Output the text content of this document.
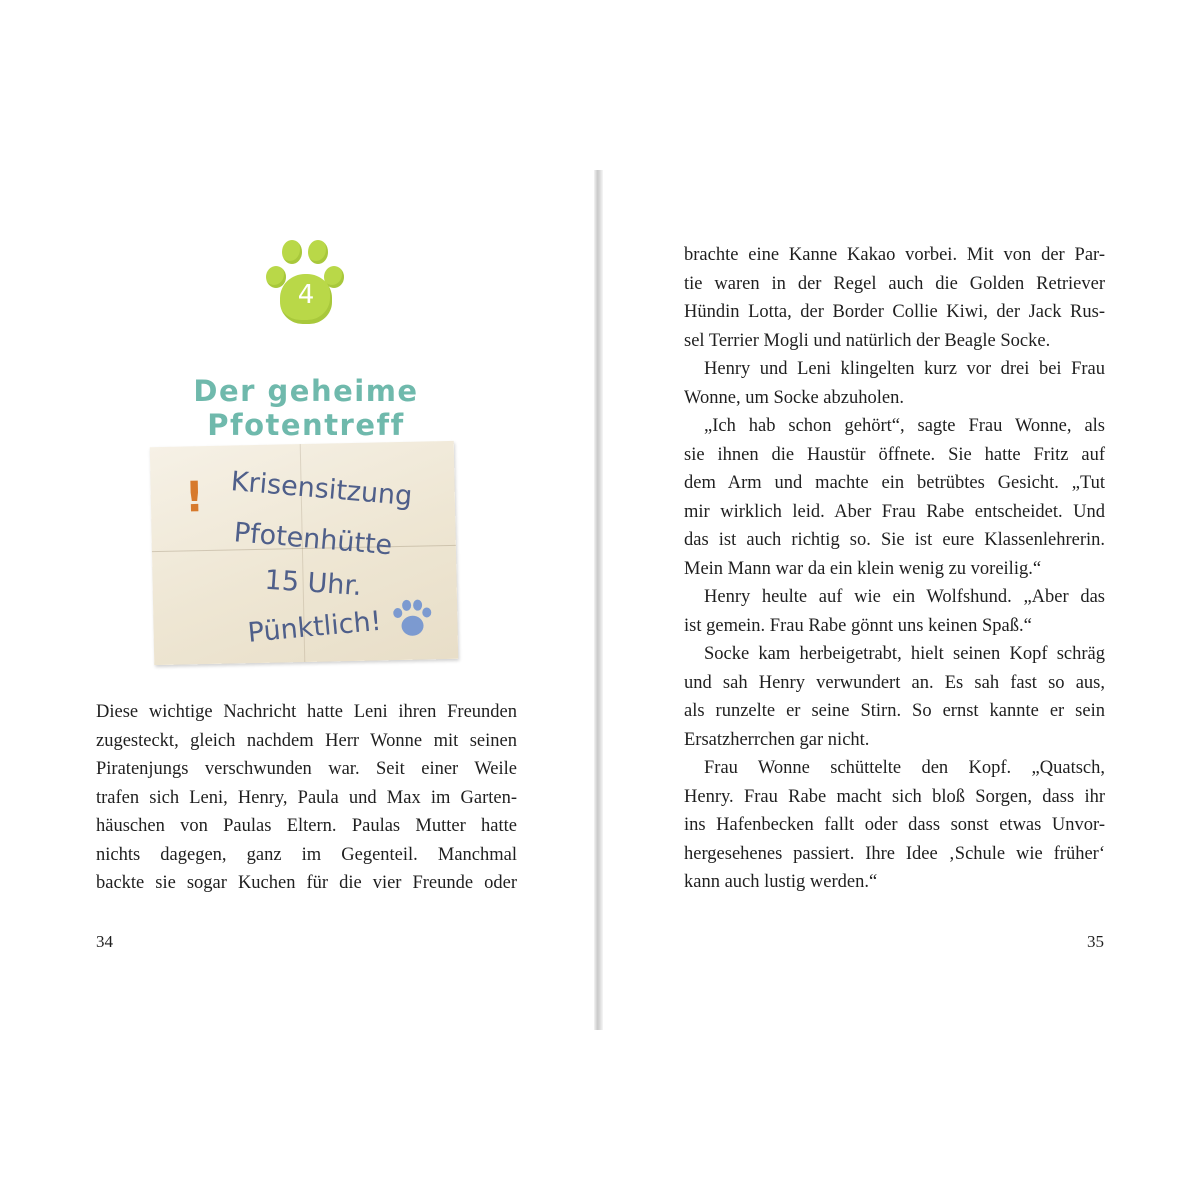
4
Der geheime Pfotentreff
! Krisensitzung
Pfotenhütte
15 Uhr.
Pünktlich!
Diese wichtige Nachricht hatte Leni ihren Freunden
zugesteckt, gleich nachdem Herr Wonne mit seinen
Piratenjungs verschwunden war. Seit einer Weile
trafen sich Leni, Henry, Paula und Max im Garten-
häuschen von Paulas Eltern. Paulas Mutter hatte
nichts dagegen, ganz im Gegenteil. Manchmal
backte sie sogar Kuchen für die vier Freunde oder
34
brachte eine Kanne Kakao vorbei. Mit von der Par-
tie waren in der Regel auch die Golden Retriever
Hündin Lotta, der Border Collie Kiwi, der Jack Rus-
sel Terrier Mogli und natürlich der Beagle Socke.
Henry und Leni klingelten kurz vor drei bei Frau
Wonne, um Socke abzuholen.
„Ich hab schon gehört“, sagte Frau Wonne, als
sie ihnen die Haustür öffnete. Sie hatte Fritz auf
dem Arm und machte ein betrübtes Gesicht. „Tut
mir wirklich leid. Aber Frau Rabe entscheidet. Und
das ist auch richtig so. Sie ist eure Klassenlehrerin.
Mein Mann war da ein klein wenig zu voreilig.“
Henry heulte auf wie ein Wolfshund. „Aber das
ist gemein. Frau Rabe gönnt uns keinen Spaß.“
Socke kam herbeigetrabt, hielt seinen Kopf schräg
und sah Henry verwundert an. Es sah fast so aus,
als runzelte er seine Stirn. So ernst kannte er sein
Ersatzherrchen gar nicht.
Frau Wonne schüttelte den Kopf. „Quatsch,
Henry. Frau Rabe macht sich bloß Sorgen, dass ihr
ins Hafenbecken fallt oder dass sonst etwas Unvor-
hergesehenes passiert. Ihre Idee ‚Schule wie früher‘
kann auch lustig werden.“
35
